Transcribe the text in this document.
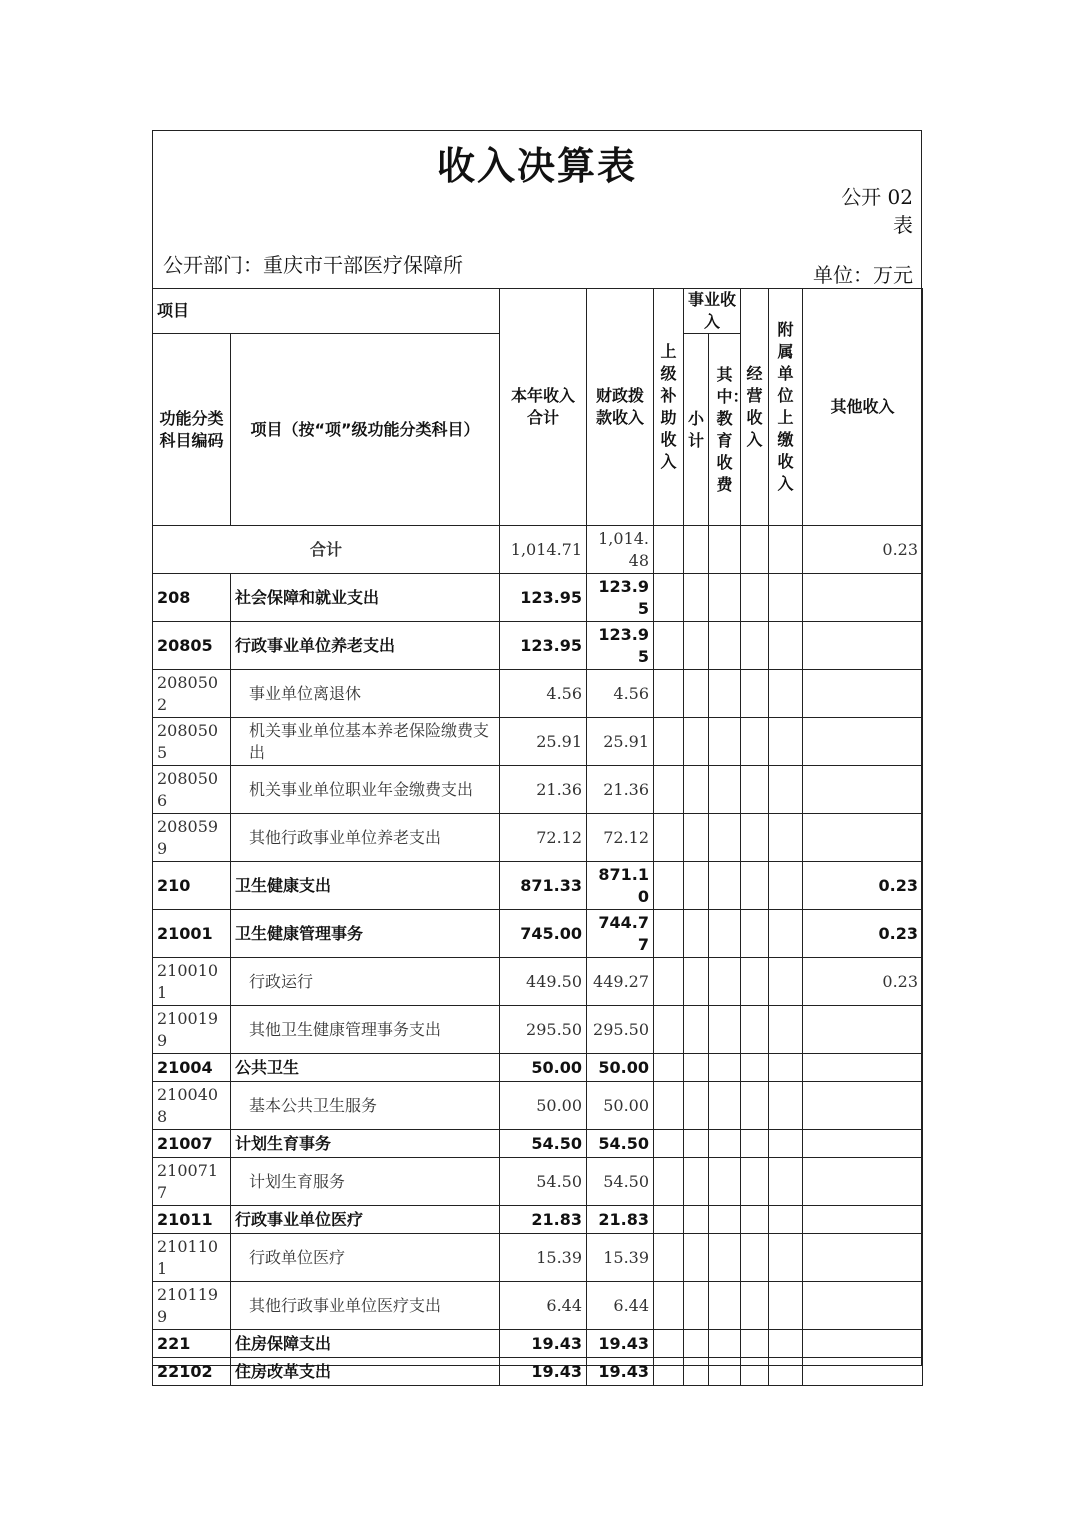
收入决算表
公开 02 表
公开部门：重庆市干部医疗保障所	单位：万元
项目		本年收入合计	财政拨款收入	上级补助收入	事业收入		经营收入	附属单位上缴收入	其他收入
功能分类科目编码	项目（按“项”级功能分类科目）				小计	其中：教育收费			

合计		1,014.71	1,014.48						0.23
208	社会保障和就业支出	123.95	123.95						
20805	行政事业单位养老支出	123.95	123.95						
2080502	事业单位离退休	4.56	4.56						
2080505	机关事业单位基本养老保险缴费支出	25.91	25.91						
2080506	机关事业单位职业年金缴费支出	21.36	21.36						
2080599	其他行政事业单位养老支出	72.12	72.12						
210	卫生健康支出	871.33	871.10						0.23
21001	卫生健康管理事务	745.00	744.77						0.23
2100101	行政运行	449.50	449.27						0.23
2100199	其他卫生健康管理事务支出	295.50	295.50						
21004	公共卫生	50.00	50.00						
2100408	基本公共卫生服务	50.00	50.00						
21007	计划生育事务	54.50	54.50						
2100717	计划生育服务	54.50	54.50						
21011	行政事业单位医疗	21.83	21.83						
2101101	行政单位医疗	15.39	15.39						
2101199	其他行政事业单位医疗支出	6.44	6.44						
221	住房保障支出	19.43	19.43						
22102	住房改革支出	19.43	19.43						
